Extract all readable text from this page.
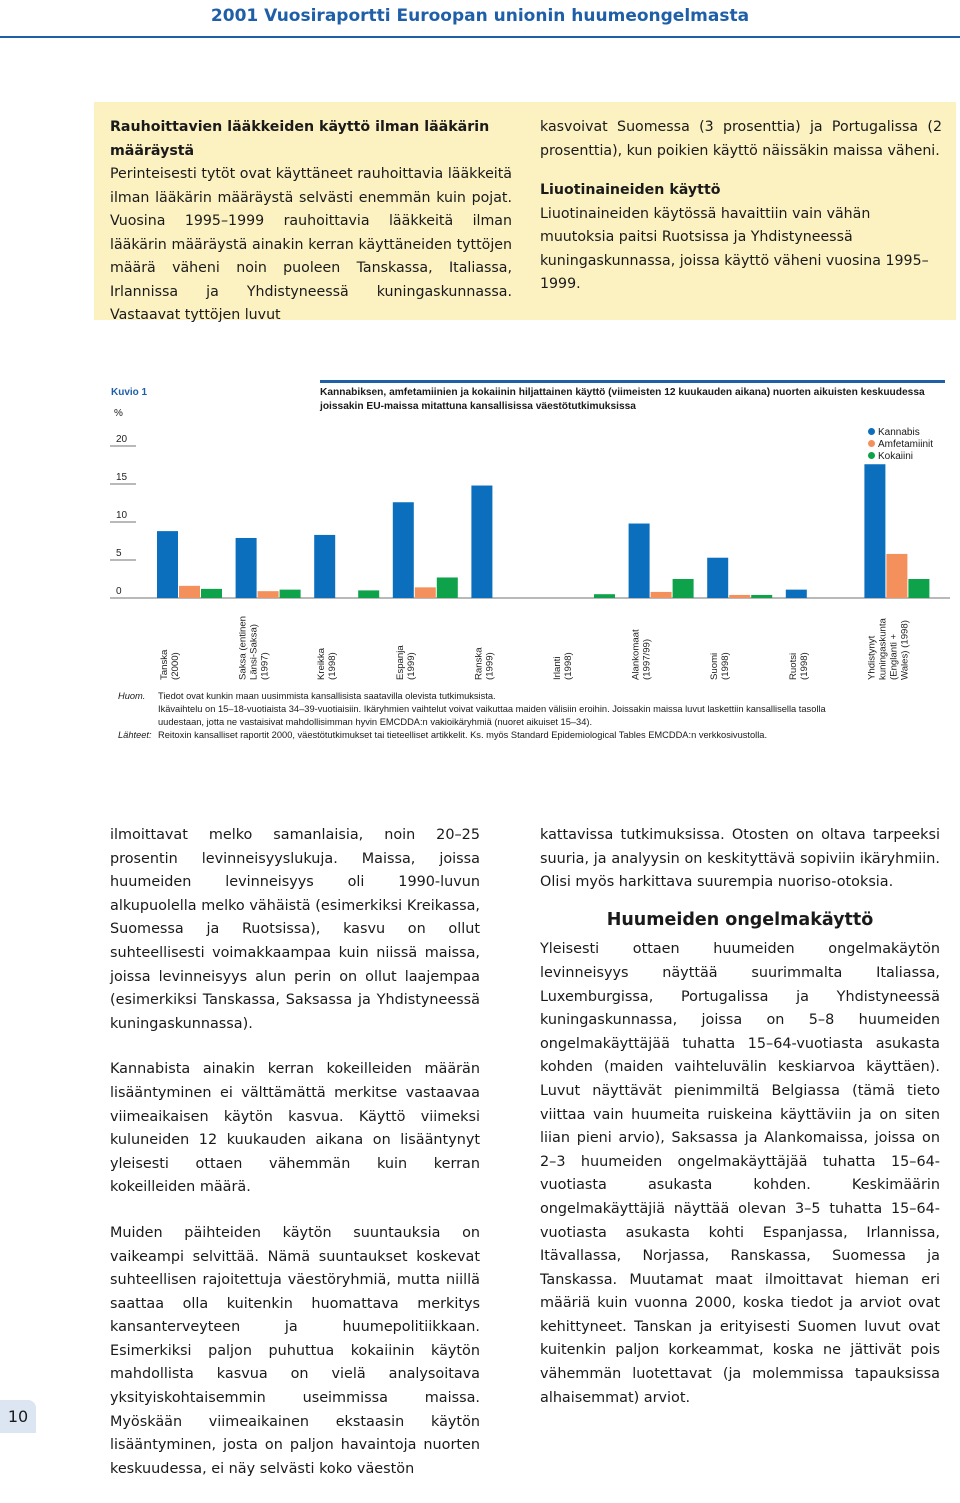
2001 Vuosiraportti Euroopan unionin huumeongelmasta

Rauhoittavien lääkkeiden käyttö ilman lääkärin määräystä

Perinteisesti tytöt ovat käyttäneet rauhoittavia lääkkeitä ilman lääkärin määräystä selvästi enemmän kuin pojat. Vuosina 1995–1999 rauhoittavia lääkkeitä ilman lääkärin määräystä ainakin kerran käyttäneiden tyttöjen määrä väheni noin puoleen Tanskassa, Italiassa, Irlannissa ja Yhdistyneessä kuningaskunnassa. Vastaavat tyttöjen luvut

kasvoivat Suomessa (3 prosenttia) ja Portugalissa (2 prosenttia), kun poikien käyttö näissäkin maissa väheni.

Liuotinaineiden käyttö

Liuotinaineiden käytössä havaittiin vain vähän muutoksia paitsi Ruotsissa ja Yhdistyneessä kuningaskunnassa, joissa käyttö väheni vuosina 1995–1999.

0
5
10
15
20
Tanska(2000)	Saksa (entinenLänsi-Saksa)(1997)	Kreikka(1998)	Espanja(1999)	Ranska(1999)	Irlanti(1998)	Alankomaat(1997/99)	Suomi(1998)	Ruotsi(1998)	Yhdistynytkuningaskunta(Englanti +Wales) (1998)
Kuvio 1
%
Kannabiksen, amfetamiinien ja kokaiinin hiljattainen käyttö (viimeisten 12 kuukauden aikana) nuorten aikuisten keskuudessa joissakin EU-maissa mitattuna kansallisissa väestötutkimuksissa
Kannabis
Amfetamiinit
Kokaiini
Huom. Tiedot ovat kunkin maan uusimmista kansallisista saatavilla olevista tutkimuksista.
Ikävaihtelu on 15–18-vuotiaista 34–39-vuotiaisiin. Ikäryhmien vaihtelut voivat vaikuttaa maiden välisiin eroihin. Joissakin maissa luvut laskettiin kansallisella tasolla
uudestaan, jotta ne vastaisivat mahdollisimman hyvin EMCDDA:n vakioikäryhmiä (nuoret aikuiset 15–34).
Lähteet: Reitoxin kansalliset raportit 2000, väestötutkimukset tai tieteelliset artikkelit. Ks. myös Standard Epidemiological Tables EMCDDA:n verkkosivustolla.

ilmoittavat melko samanlaisia, noin 20–25 prosentin levinneisyyslukuja. Maissa, joissa huumeiden levinneisyys oli 1990-luvun alkupuolella melko vähäistä (esimerkiksi Kreikassa, Suomessa ja Ruotsissa), kasvu on ollut suhteellisesti voimakkaampaa kuin niissä maissa, joissa levinneisyys alun perin on ollut laajempaa (esimerkiksi Tanskassa, Saksassa ja Yhdistyneessä kuningaskunnassa).

Kannabista ainakin kerran kokeilleiden määrän lisääntyminen ei välttämättä merkitse vastaavaa viimeaikaisen käytön kasvua. Käyttö viimeksi kuluneiden 12 kuukauden aikana on lisääntynyt yleisesti ottaen vähemmän kuin kerran kokeilleiden määrä.

Muiden päihteiden käytön suuntauksia on vaikeampi selvittää. Nämä suuntaukset koskevat suhteellisen rajoitettuja väestöryhmiä, mutta niillä saattaa olla kuitenkin huomattava merkitys kansanterveyteen ja huumepolitiikkaan. Esimerkiksi paljon puhuttua kokaiinin käytön mahdollista kasvua on vielä analysoitava yksityiskohtaisemmin useimmissa maissa. Myöskään viimeaikainen ekstaasin käytön lisääntyminen, josta on paljon havaintoja nuorten keskuudessa, ei näy selvästi koko väestön

kattavissa tutkimuksissa. Otosten on oltava tarpeeksi suuria, ja analyysin on keskityttävä sopiviin ikäryhmiin. Olisi myös harkittava suurempia nuoriso-otoksia.

Huumeiden ongelmakäyttö

Yleisesti ottaen huumeiden ongelmakäytön levinneisyys näyttää suurimmalta Italiassa, Luxemburgissa, Portugalissa ja Yhdistyneessä kuningaskunnassa, joissa on 5–8 huumeiden ongelmakäyttäjää tuhatta 15–64-vuotiasta asukasta kohden (maiden vaihteluvälin keskiarvoa käyttäen). Luvut näyttävät pienimmiltä Belgiassa (tämä tieto viittaa vain huumeita ruiskeina käyttäviin ja on siten liian pieni arvio), Saksassa ja Alankomaissa, joissa on 2–3 huumeiden ongelmakäyttäjää tuhatta 15–64-vuotiasta asukasta kohden. Keskimäärin ongelmakäyttäjiä näyttää olevan 3–5 tuhatta 15–64-vuotiasta asukasta kohti Espanjassa, Irlannissa, Itävallassa, Norjassa, Ranskassa, Suomessa ja Tanskassa. Muutamat maat ilmoittavat hieman eri määriä kuin vuonna 2000, koska tiedot ja arviot ovat kehittyneet. Tanskan ja erityisesti Suomen luvut ovat kuitenkin paljon korkeammat, koska ne jättivät pois vähemmän luotettavat (ja molemmissa tapauksissa alhaisemmat) arviot.

10
